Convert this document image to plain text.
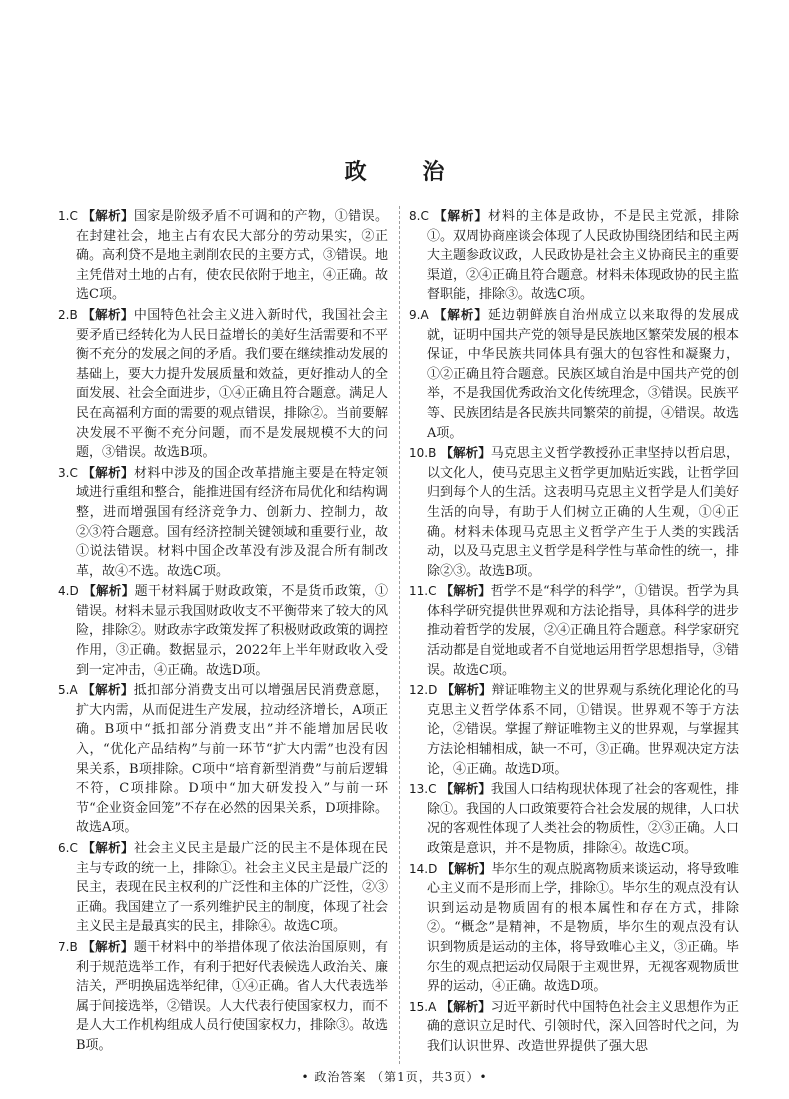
政 治
1.C 【解析】国家是阶级矛盾不可调和的产物，①错误。在封建社会，地主占有农民大部分的劳动果实，②正确。高利贷不是地主剥削农民的主要方式，③错误。地主凭借对土地的占有，使农民依附于地主，④正确。故选C项。
2.B 【解析】中国特色社会主义进入新时代，我国社会主要矛盾已经转化为人民日益增长的美好生活需要和不平衡不充分的发展之间的矛盾。我们要在继续推动发展的基础上，要大力提升发展质量和效益，更好推动人的全面发展、社会全面进步，①④正确且符合题意。满足人民在高福利方面的需要的观点错误，排除②。当前要解决发展不平衡不充分问题，而不是发展规模不大的问题，③错误。故选B项。
3.C 【解析】材料中涉及的国企改革措施主要是在特定领域进行重组和整合，能推进国有经济布局优化和结构调整，进而增强国有经济竞争力、创新力、控制力，故②③符合题意。国有经济控制关键领域和重要行业，故①说法错误。材料中国企改革没有涉及混合所有制改革，故④不选。故选C项。
4.D 【解析】题干材料属于财政政策，不是货币政策，①错误。材料未显示我国财政收支不平衡带来了较大的风险，排除②。财政赤字政策发挥了积极财政政策的调控作用，③正确。数据显示，2022年上半年财政收入受到一定冲击，④正确。故选D项。
5.A 【解析】抵扣部分消费支出可以增强居民消费意愿，扩大内需，从而促进生产发展，拉动经济增长，A项正确。B项中“抵扣部分消费支出”并不能增加居民收入，“优化产品结构”与前一环节“扩大内需”也没有因果关系，B项排除。C项中“培育新型消费”与前后逻辑不符，C项排除。D项中“加大研发投入”与前一环节“企业资金回笼”不存在必然的因果关系，D项排除。故选A项。
6.C 【解析】社会主义民主是最广泛的民主不是体现在民主与专政的统一上，排除①。社会主义民主是最广泛的民主，表现在民主权利的广泛性和主体的广泛性，②③正确。我国建立了一系列维护民主的制度，体现了社会主义民主是最真实的民主，排除④。故选C项。
7.B 【解析】题干材料中的举措体现了依法治国原则，有利于规范选举工作，有利于把好代表候选人政治关、廉洁关，严明换届选举纪律，①④正确。省人大代表选举属于间接选举，②错误。人大代表行使国家权力，而不是人大工作机构组成人员行使国家权力，排除③。故选B项。
8.C 【解析】材料的主体是政协，不是民主党派，排除①。双周协商座谈会体现了人民政协围绕团结和民主两大主题参政议政，人民政协是社会主义协商民主的重要渠道，②④正确且符合题意。材料未体现政协的民主监督职能，排除③。故选C项。
9.A 【解析】延边朝鲜族自治州成立以来取得的发展成就，证明中国共产党的领导是民族地区繁荣发展的根本保证，中华民族共同体具有强大的包容性和凝聚力，①②正确且符合题意。民族区域自治是中国共产党的创举，不是我国优秀政治文化传统理念，③错误。民族平等、民族团结是各民族共同繁荣的前提，④错误。故选A项。
10.B 【解析】马克思主义哲学教授孙正聿坚持以哲启思，以文化人，使马克思主义哲学更加贴近实践，让哲学回归到每个人的生活。这表明马克思主义哲学是人们美好生活的向导，有助于人们树立正确的人生观，①④正确。材料未体现马克思主义哲学产生于人类的实践活动，以及马克思主义哲学是科学性与革命性的统一，排除②③。故选B项。
11.C 【解析】哲学不是“科学的科学”，①错误。哲学为具体科学研究提供世界观和方法论指导，具体科学的进步推动着哲学的发展，②④正确且符合题意。科学家研究活动都是自觉地或者不自觉地运用哲学思想指导，③错误。故选C项。
12.D 【解析】辩证唯物主义的世界观与系统化理论化的马克思主义哲学体系不同，①错误。世界观不等于方法论，②错误。掌握了辩证唯物主义的世界观，与掌握其方法论相辅相成，缺一不可，③正确。世界观决定方法论，④正确。故选D项。
13.C 【解析】我国人口结构现状体现了社会的客观性，排除①。我国的人口政策要符合社会发展的规律，人口状况的客观性体现了人类社会的物质性，②③正确。人口政策是意识，并不是物质，排除④。故选C项。
14.D 【解析】毕尔生的观点脱离物质来谈运动，将导致唯心主义而不是形而上学，排除①。毕尔生的观点没有认识到运动是物质固有的根本属性和存在方式，排除②。“概念”是精神，不是物质，毕尔生的观点没有认识到物质是运动的主体，将导致唯心主义，③正确。毕尔生的观点把运动仅局限于主观世界，无视客观物质世界的运动，④正确。故选D项。
15.A 【解析】习近平新时代中国特色社会主义思想作为正确的意识立足时代、引领时代，深入回答时代之问，为我们认识世界、改造世界提供了强大思
• 政治答案 （第1页，共3页）•
